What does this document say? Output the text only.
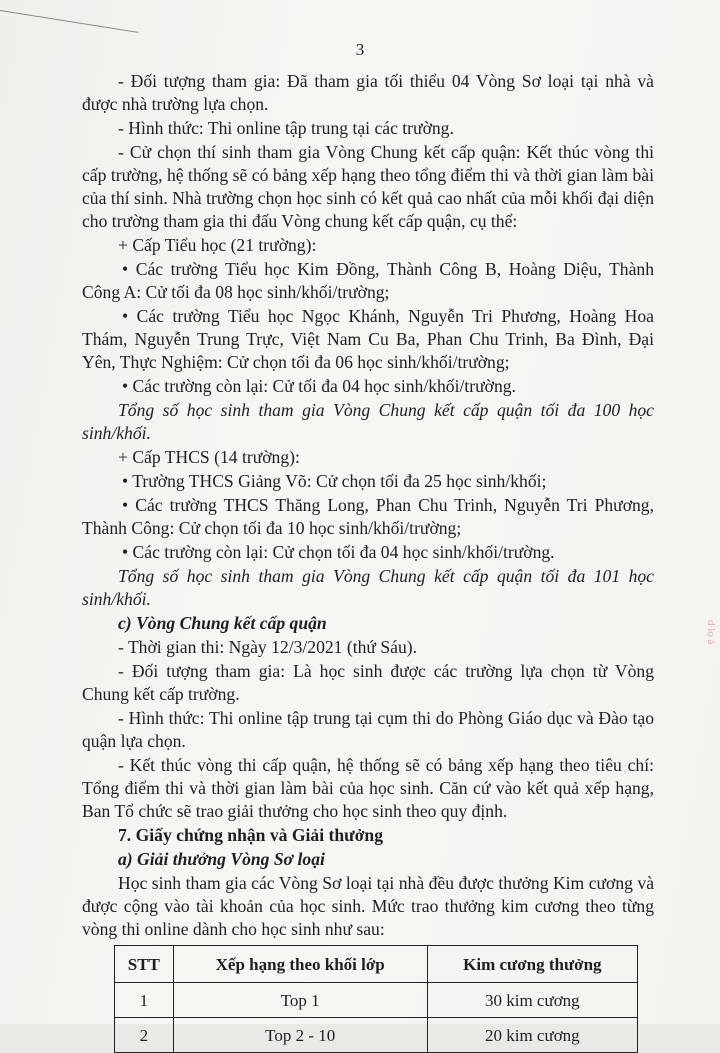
3

- Đối tượng tham gia: Đã tham gia tối thiểu 04 Vòng Sơ loại tại nhà và được nhà trường lựa chọn.

- Hình thức: Thi online tập trung tại các trường.

- Cử chọn thí sinh tham gia Vòng Chung kết cấp quận: Kết thúc vòng thi cấp trường, hệ thống sẽ có bảng xếp hạng theo tổng điểm thi và thời gian làm bài của thí sinh. Nhà trường chọn học sinh có kết quả cao nhất của mỗi khối đại diện cho trường tham gia thi đấu Vòng chung kết cấp quận, cụ thể:

+ Cấp Tiểu học (21 trường):

• Các trường Tiểu học Kim Đồng, Thành Công B, Hoàng Diệu, Thành Công A: Cử tối đa 08 học sinh/khối/trường;

• Các trường Tiểu học Ngọc Khánh, Nguyễn Tri Phương, Hoàng Hoa Thám, Nguyễn Trung Trực, Việt Nam Cu Ba, Phan Chu Trinh, Ba Đình, Đại Yên, Thực Nghiệm: Cử chọn tối đa 06 học sinh/khối/trường;

• Các trường còn lại: Cử tối đa 04 học sinh/khối/trường.

Tổng số học sinh tham gia Vòng Chung kết cấp quận tối đa 100 học sinh/khối.

+ Cấp THCS (14 trường):

• Trường THCS Giảng Võ: Cử chọn tối đa 25 học sinh/khối;

• Các trường THCS Thăng Long, Phan Chu Trinh, Nguyễn Tri Phương, Thành Công: Cử chọn tối đa 10 học sinh/khối/trường;

• Các trường còn lại: Cử chọn tối đa 04 học sinh/khối/trường.

Tổng số học sinh tham gia Vòng Chung kết cấp quận tối đa 101 học sinh/khối.

c) Vòng Chung kết cấp quận

- Thời gian thi: Ngày 12/3/2021 (thứ Sáu).

- Đối tượng tham gia: Là học sinh được các trường lựa chọn từ Vòng Chung kết cấp trường.

- Hình thức: Thi online tập trung tại cụm thi do Phòng Giáo dục và Đào tạo quận lựa chọn.

- Kết thúc vòng thi cấp quận, hệ thống sẽ có bảng xếp hạng theo tiêu chí: Tổng điểm thi và thời gian làm bài của học sinh. Căn cứ vào kết quả xếp hạng, Ban Tổ chức sẽ trao giải thưởng cho học sinh theo quy định.

7. Giấy chứng nhận và Giải thưởng

a) Giải thưởng Vòng Sơ loại

Học sinh tham gia các Vòng Sơ loại tại nhà đều được thưởng Kim cương và được cộng vào tài khoản của học sinh. Mức trao thưởng kim cương theo từng vòng thi online dành cho học sinh như sau:

STT	Xếp hạng theo khối lớp	Kim cương thưởng
1	Top 1	30 kim cương
2	Top 2 - 10	20 kim cương
d lọ ả
